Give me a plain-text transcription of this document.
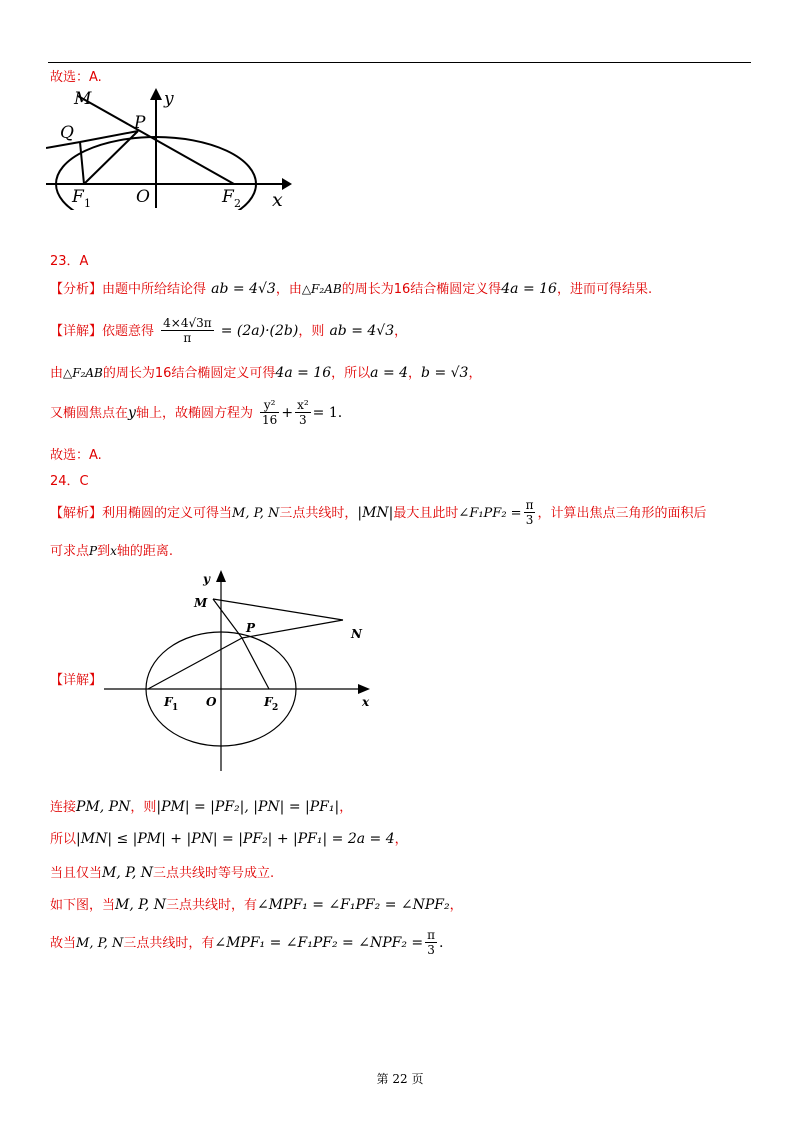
故选：A.
M
Q	P
y
F 1	O	F 2 x
23．A
【分析】由题中所给结论得 ab = 4√3，由△F₂AB的周长为16结合椭圆定义得4a = 16，进而可得结果.
【详解】依题意得 $\frac{4\times 4√3\pi}{\pi} = (2a)\cdot(2b)$，则 ab = 4√3，
由△F₂AB的周长为16结合椭圆定义可得4a = 16，所以a = 4，b = √3，
又椭圆焦点在y轴上，故椭圆方程为 $\frac{\text{y²}}{16} + \frac{\text{x²}}{3} = 1$.
故选：A.
24．C
【解析】利用椭圆的定义可得当M, P, N三点共线时，|MN|最大且此时∠F₁PF₂ = $\frac{\pi}{3}$ ，计算出焦点三角形的面积后
可求点P到x轴的距离.
【详解】
y
M
N
P
F 1 O	F 2	x
连接PM, PN，则|PM| = |PF₂|, |PN| = |PF₁|，
所以|MN| ≤ |PM| + |PN| = |PF₂| + |PF₁| = 2a = 4，
当且仅当M, P, N三点共线时等号成立.
如下图，当M, P, N三点共线时，有∠MPF₁ = ∠F₁PF₂ = ∠NPF₂，
故当M, P, N三点共线时，有∠MPF₁ = ∠F₁PF₂ = ∠NPF₂ = $\frac{\pi}{3}$ .
第 22 页
